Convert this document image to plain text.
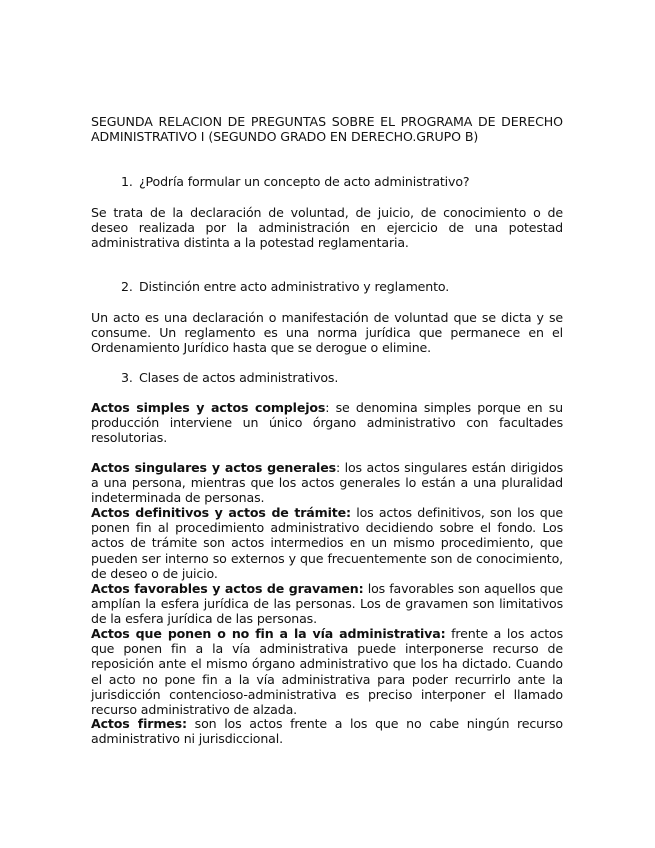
SEGUNDA RELACION DE PREGUNTAS SOBRE EL PROGRAMA DE DERECHO ADMINISTRATIVO I (SEGUNDO GRADO EN DERECHO.GRUPO B)
1. ¿Podría formular un concepto de acto administrativo?
Se trata de la declaración de voluntad, de juicio, de conocimiento o de deseo realizada por la administración en ejercicio de una potestad administrativa distinta a la potestad reglamentaria.
2. Distinción entre acto administrativo y reglamento.
Un acto es una declaración o manifestación de voluntad que se dicta y se consume. Un reglamento es una norma jurídica que permanece en el Ordenamiento Jurídico hasta que se derogue o elimine.
3. Clases de actos administrativos.
Actos simples y actos complejos: se denomina simples porque en su producción interviene un único órgano administrativo con facultades resolutorias.
Actos singulares y actos generales: los actos singulares están dirigidos a una persona, mientras que los actos generales lo están a una pluralidad indeterminada de personas.
Actos definitivos y actos de trámite: los actos definitivos, son los que ponen fin al procedimiento administrativo decidiendo sobre el fondo. Los actos de trámite son actos intermedios en un mismo procedimiento, que pueden ser interno so externos y que frecuentemente son de conocimiento, de deseo o de juicio.
Actos favorables y actos de gravamen: los favorables son aquellos que amplían la esfera jurídica de las personas. Los de gravamen son limitativos de la esfera jurídica de las personas.
Actos que ponen o no fin a la vía administrativa: frente a los actos que ponen fin a la vía administrativa puede interponerse recurso de reposición ante el mismo órgano administrativo que los ha dictado. Cuando el acto no pone fin a la vía administrativa para poder recurrirlo ante la jurisdicción contencioso-administrativa es preciso interponer el llamado recurso administrativo de alzada.
Actos firmes: son los actos frente a los que no cabe ningún recurso administrativo ni jurisdiccional.
